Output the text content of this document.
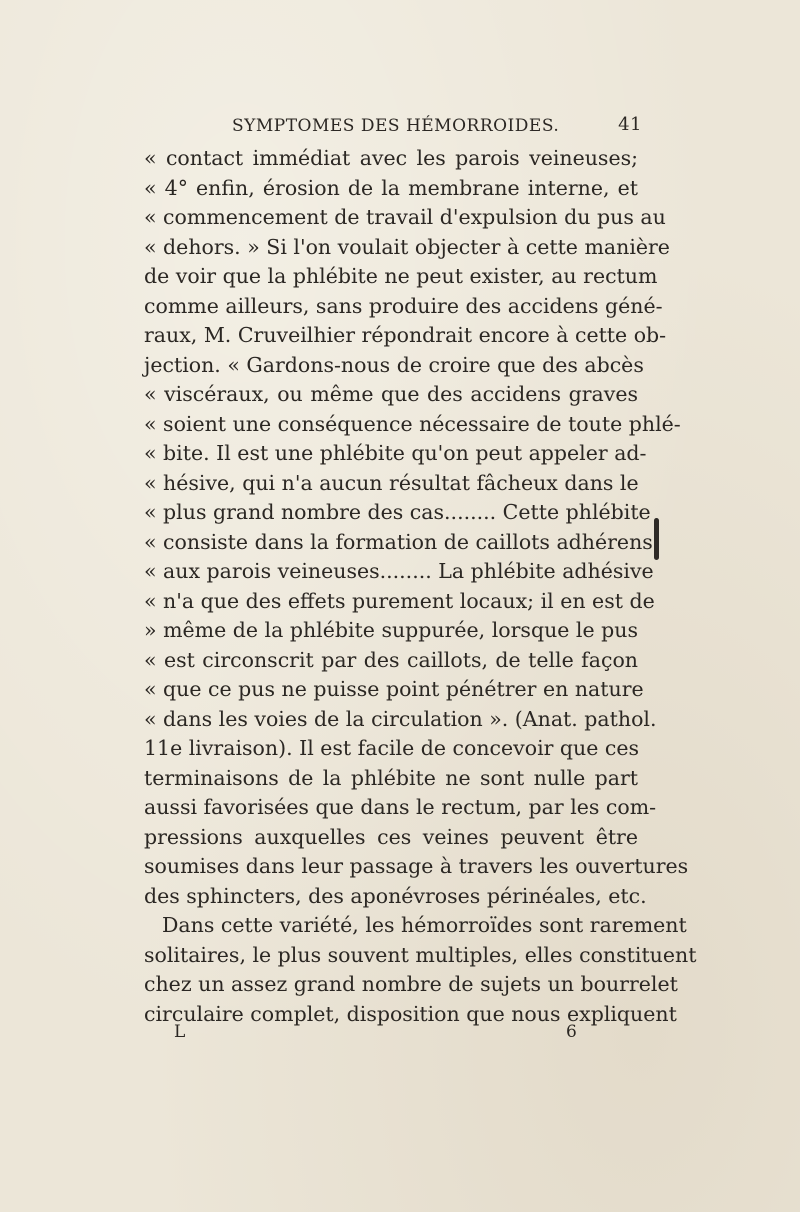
SYMPTOMES DES HÉMORROIDES.	41
« contact immédiat avec les parois veineuses;
« 4° enfin, érosion de la membrane interne, et
« commencement de travail d'expulsion du pus au
« dehors. » Si l'on voulait objecter à cette manière
de voir que la phlébite ne peut exister, au rectum
comme ailleurs, sans produire des accidens géné-
raux, M. Cruveilhier répondrait encore à cette ob-
jection. « Gardons-nous de croire que des abcès
« viscéraux, ou même que des accidens graves
« soient une conséquence nécessaire de toute phlé-
« bite. Il est une phlébite qu'on peut appeler ad-
« hésive, qui n'a aucun résultat fâcheux dans le
« plus grand nombre des cas........ Cette phlébite
« consiste dans la formation de caillots adhérens
« aux parois veineuses........ La phlébite adhésive
« n'a que des effets purement locaux; il en est de
» même de la phlébite suppurée, lorsque le pus
« est circonscrit par des caillots, de telle façon
« que ce pus ne puisse point pénétrer en nature
« dans les voies de la circulation ». (Anat. pathol.
11e livraison). Il est facile de concevoir que ces
terminaisons de la phlébite ne sont nulle part
aussi favorisées que dans le rectum, par les com-
pressions auxquelles ces veines peuvent être
soumises dans leur passage à travers les ouvertures
des sphincters, des aponévroses périnéales, etc.
Dans cette variété, les hémorroïdes sont rarement
solitaires, le plus souvent multiples, elles constituent
chez un assez grand nombre de sujets un bourrelet
circulaire complet, disposition que nous expliquent
L	6
